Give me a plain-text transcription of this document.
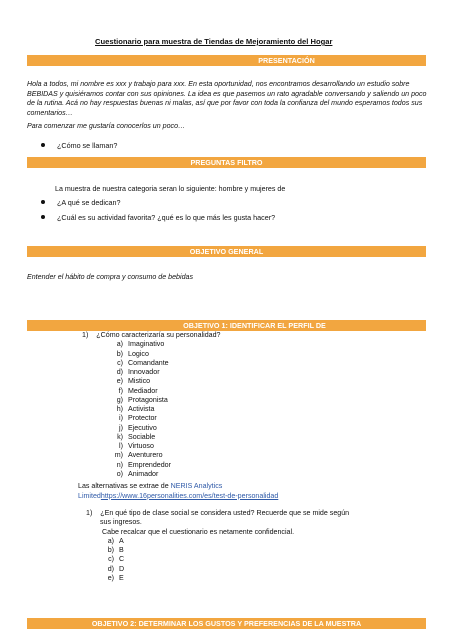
Cuestionario para muestra de Tiendas de Mejoramiento del Hogar
PRESENTACIÓN
Hola a todos, mi nombre es xxx y trabajo para xxx. En esta oportunidad, nos encontramos desarrollando un estudio sobre BEBIDAS y quisiéramos contar con sus opiniones. La idea es que pasemos un rato agradable conversando y saliendo un poco de la rutina. Acá no hay respuestas buenas ni malas, así que por favor con toda la confianza del mundo esperamos todos sus comentarios…
Para comenzar me gustaría conocerlos un poco…
¿Cómo se llaman?
PREGUNTAS FILTRO
La muestra de nuestra categoria seran lo siguiente: hombre y mujeres de
¿A qué se dedican?
¿Cuál es su actividad favorita? ¿qué es lo que más les gusta hacer?
OBJETIVO GENERAL
Entender el hábito de compra y consumo de bebidas
OBJETIVO 1: IDENTIFICAR EL PERFIL DE
1) ¿Cómo caracterizaría su personalidad?
a) Imaginativo
b) Logico
c) Comandante
d) Innovador
e) Mistico
f) Mediador
g) Protagonista
h) Activista
i) Protector
j) Ejecutivo
k) Sociable
l) Virtuoso
m) Aventurero
n) Emprendedor
o) Animador
Las alternativas se extrae de NERIS Analytics
Limitedhttps://www.16personalities.com/es/test-de-personalidad
1) ¿En qué tipo de clase social se considera usted? Recuerde que se mide según
sus ingresos.
Cabe recalcar que el cuestionario es netamente confidencial.
a) A
b) B
c) C
d) D
e) E
OBJETIVO 2: DETERMINAR LOS GUSTOS Y PREFERENCIAS DE LA MUESTRA
